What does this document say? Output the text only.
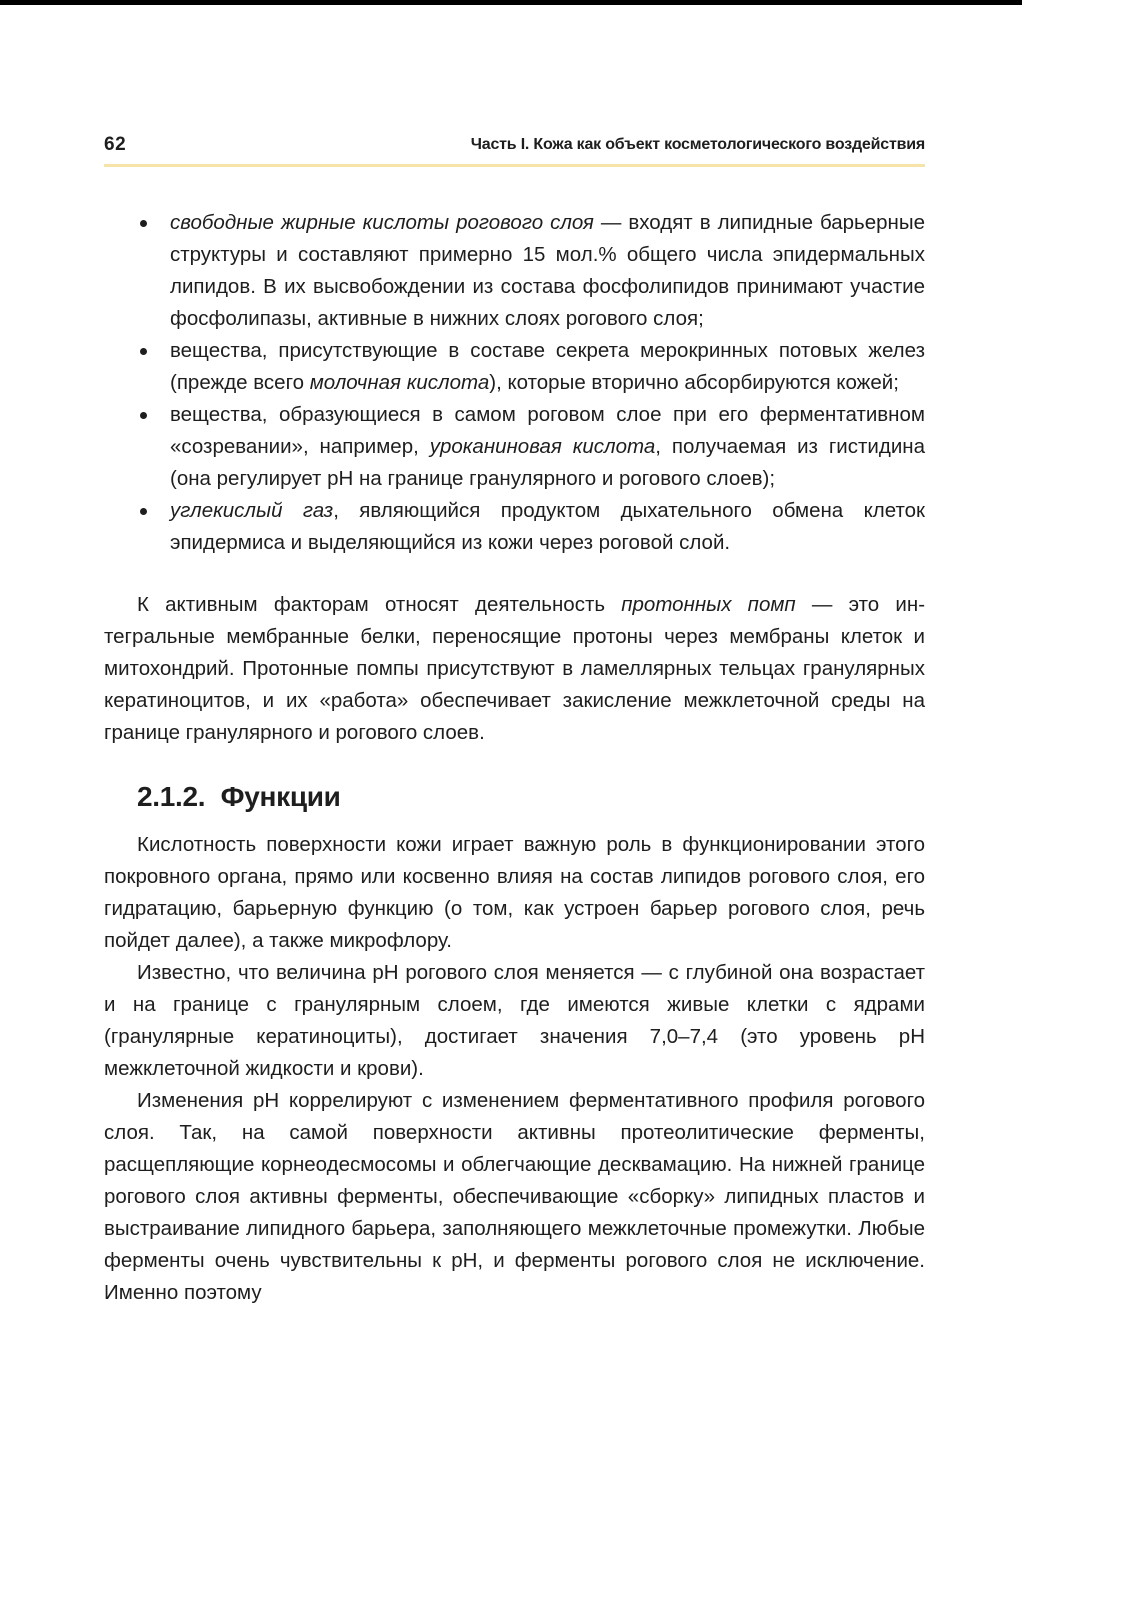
62	Часть I. Кожа как объект косметологического воздействия
свободные жирные кислоты рогового слоя — входят в липидные барьерные структуры и составляют примерно 15 мол.% общего числа эпидермальных липидов. В их высвобождении из состава фосфолипидов принимают участие фосфолипазы, активные в нижних слоях рогового слоя;
вещества, присутствующие в составе секрета мерокринных потовых желез (прежде всего молочная кислота), которые вторично абсорбируются кожей;
вещества, образующиеся в самом роговом слое при его ферментативном «созревании», например, уроканиновая кислота, получаемая из гистидина (она регулирует pH на границе гранулярного и рогового слоев);
углекислый газ, являющийся продуктом дыхательного обмена клеток эпидермиса и выделяющийся из кожи через роговой слой.

К активным факторам относят деятельность протонных помп — это интегральные мембранные белки, переносящие протоны через мембраны клеток и митохондрий. Протонные помпы присутствуют в ламеллярных тельцах гранулярных кератиноцитов, и их «работа» обеспечивает закисление межклеточной среды на границе гранулярного и рогового слоев.

2.1.2. Функции

Кислотность поверхности кожи играет важную роль в функционировании этого покровного органа, прямо или косвенно влияя на состав липидов рогового слоя, его гидратацию, барьерную функцию (о том, как устроен барьер рогового слоя, речь пойдет далее), а также микрофлору.

Известно, что величина pH рогового слоя меняется — с глубиной она возрастает и на границе с гранулярным слоем, где имеются живые клетки с ядрами (гранулярные кератиноциты), достигает значения 7,0–7,4 (это уровень pH межклеточной жидкости и крови).

Изменения pH коррелируют с изменением ферментативного профиля рогового слоя. Так, на самой поверхности активны протеолитические ферменты, расщепляющие корнеодесмосомы и облегчающие десквамацию. На нижней границе рогового слоя активны ферменты, обеспечивающие «сборку» липидных пластов и выстраивание липидного барьера, заполняющего межклеточные промежутки. Любые ферменты очень чувствительны к pH, и ферменты рогового слоя не исключение. Именно поэтому
